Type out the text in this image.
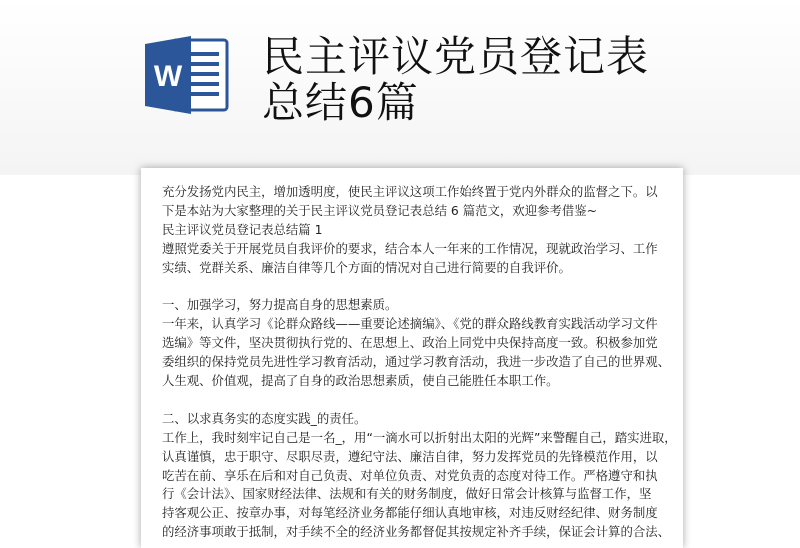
W 民主评议党员登记表
总结6篇

充分发扬党内民主，增加透明度，使民主评议这项工作始终置于党内外群众的监督之下。以

下是本站为大家整理的关于民主评议党员登记表总结 6 篇范文，欢迎参考借鉴~

民主评议党员登记表总结篇 1

遵照党委关于开展党员自我评价的要求，结合本人一年来的工作情况，现就政治学习、工作

实绩、党群关系、廉洁自律等几个方面的情况对自己进行简要的自我评价。

一、加强学习，努力提高自身的思想素质。

一年来，认真学习《论群众路线——重要论述摘编》、《党的群众路线教育实践活动学习文件

选编》等文件，坚决贯彻执行党的、在思想上、政治上同党中央保持高度一致。积极参加党

委组织的保持党员先进性学习教育活动，通过学习教育活动，我进一步改造了自己的世界观、

人生观、价值观，提高了自身的政治思想素质，使自己能胜任本职工作。

二、以求真务实的态度实践_的责任。

工作上，我时刻牢记自己是一名_，用“一滴水可以折射出太阳的光辉”来警醒自己，踏实进取，

认真谨慎，忠于职守、尽职尽责，遵纪守法、廉洁自律，努力发挥党员的先锋模范作用，以

吃苦在前、享乐在后和对自己负责、对单位负责、对党负责的态度对待工作。严格遵守和执

行《会计法》、国家财经法律、法规和有关的财务制度，做好日常会计核算与监督工作，坚

持客观公正、按章办事，对每笔经济业务都能仔细认真地审核，对违反财经纪律、财务制度

的经济事项敢于抵制，对手续不全的经济业务都督促其按规定补齐手续，保证会计算的合法、
